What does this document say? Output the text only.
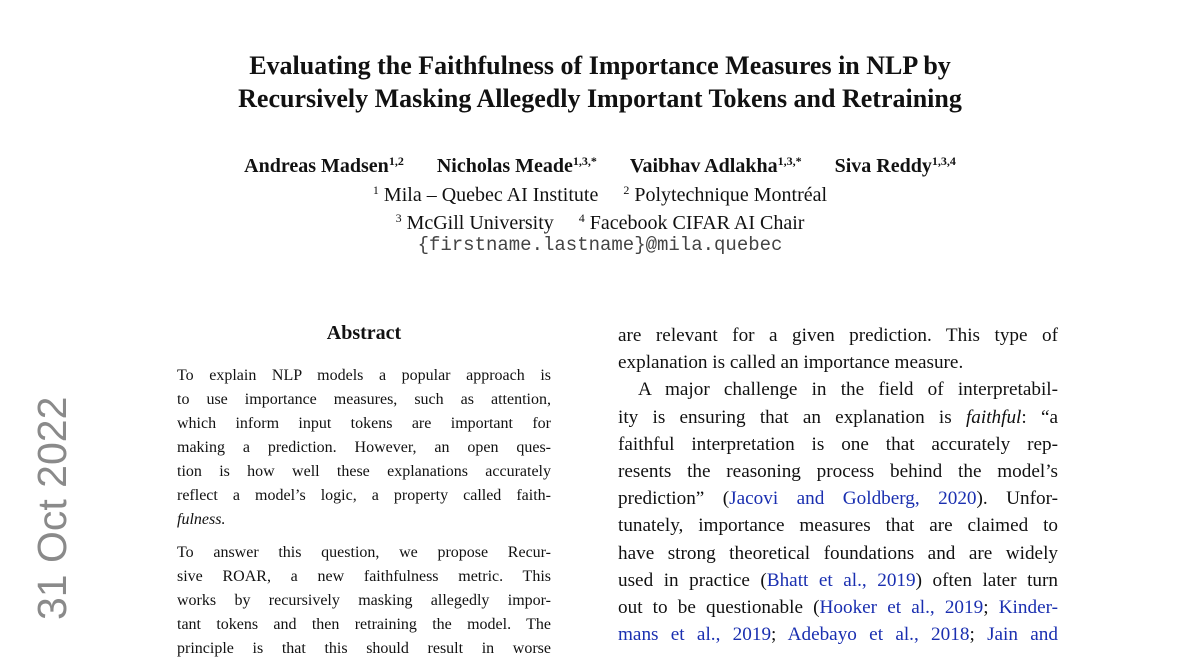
31 Oct 2022
Evaluating the Faithfulness of Importance Measures in NLP by
Recursively Masking Allegedly Important Tokens and Retraining
Andreas Madsen$^{1,2}$ Nicholas Meade$^{1,3,*}$ Vaibhav Adlakha$^{1,3,*}$ Siva Reddy$^{1,3,4}$
$^1$ Mila – Quebec AI Institute $^2$ Polytechnique Montréal
$^3$ McGill University $^4$ Facebook CIFAR AI Chair
{firstname.lastname}@mila.quebec
Abstract
To explain NLP models a popular approach is
to use importance measures, such as attention,
which inform input tokens are important for
making a prediction. However, an open ques-
tion is how well these explanations accurately
reflect a model’s logic, a property called faith-
fulness.
To answer this question, we propose Recur-
sive ROAR, a new faithfulness metric. This
works by recursively masking allegedly impor-
tant tokens and then retraining the model. The
principle is that this should result in worse
are relevant for a given prediction. This type of
explanation is called an importance measure.
A major challenge in the field of interpretabil-
ity is ensuring that an explanation is faithful: “a
faithful interpretation is one that accurately rep-
resents the reasoning process behind the model’s
prediction” (Jacovi and Goldberg, 2020). Unfor-
tunately, importance measures that are claimed to
have strong theoretical foundations and are widely
used in practice (Bhatt et al., 2019) often later turn
out to be questionable (Hooker et al., 2019; Kinder-
mans et al., 2019; Adebayo et al., 2018; Jain and
